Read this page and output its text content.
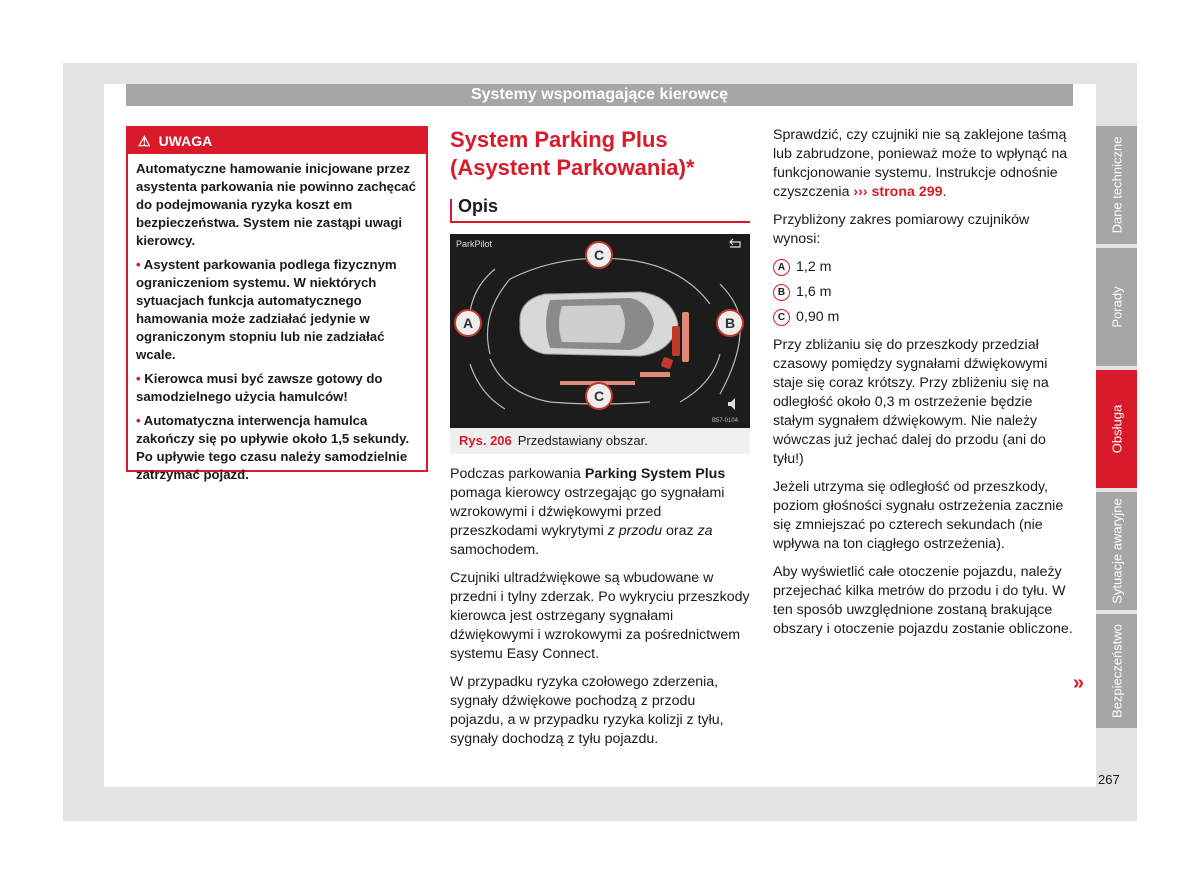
Systemy wspomagające kierowcę
⚠ UWAGA

Automatyczne hamowanie inicjowane przez asystenta parkowania nie powinno zachęcać do podejmowania ryzyka koszt em bezpieczeństwa. System nie zastąpi uwagi kierowcy.

• Asystent parkowania podlega fizycznym ograniczeniom systemu. W niektórych sytuacjach funkcja automatycznego hamowania może zadziałać jedynie w ograniczonym stopniu lub nie zadziałać wcale.

• Kierowca musi być zawsze gotowy do samodzielnego użycia hamulców!

• Automatyczna interwencja hamulca zakończy się po upływie około 1,5 sekundy. Po upływie tego czasu należy samodzielnie zatrzymać pojazd.

System Parking Plus (Asystent Parkowania)*
Opis
ParkPilot
C
A	B
C
B57-0104
Rys. 206 Przedstawiany obszar.

Podczas parkowania Parking System Plus pomaga kierowcy ostrzegając go sygnałami wzrokowymi i dźwiękowymi przed przeszkodami wykrytymi z przodu oraz za samochodem.

Czujniki ultradźwiękowe są wbudowane w przedni i tylny zderzak. Po wykryciu przeszkody kierowca jest ostrzegany sygnałami dźwiękowymi i wzrokowymi za pośrednictwem systemu Easy Connect.

W przypadku ryzyka czołowego zderzenia, sygnały dźwiękowe pochodzą z przodu pojazdu, a w przypadku ryzyka kolizji z tyłu, sygnały dochodzą z tyłu pojazdu.

Sprawdzić, czy czujniki nie są zaklejone taśmą lub zabrudzone, ponieważ może to wpłynąć na funkcjonowanie systemu. Instrukcje odnośnie czyszczenia ››› strona 299.

Przybliżony zakres pomiarowy czujników wynosi:

A 1,2 m
B 1,6 m
C 0,90 m

Przy zbliżaniu się do przeszkody przedział czasowy pomiędzy sygnałami dźwiękowymi staje się coraz krótszy. Przy zbliżeniu się na odległość około 0,3 m ostrzeżenie będzie stałym sygnałem dźwiękowym. Nie należy wówczas już jechać dalej do przodu (ani do tyłu!)

Jeżeli utrzyma się odległość od przeszkody, poziom głośności sygnału ostrzeżenia zacznie się zmniejszać po czterech sekundach (nie wpływa na ton ciągłego ostrzeżenia).

Aby wyświetlić całe otoczenie pojazdu, należy przejechać kilka metrów do przodu i do tyłu. W ten sposób uwzględnione zostaną brakujące obszary i otoczenie pojazdu zostanie obliczone.

»
Dane techniczne
Porady
Obsługa
Sytuacje awaryjne
Bezpieczeństwo
267
